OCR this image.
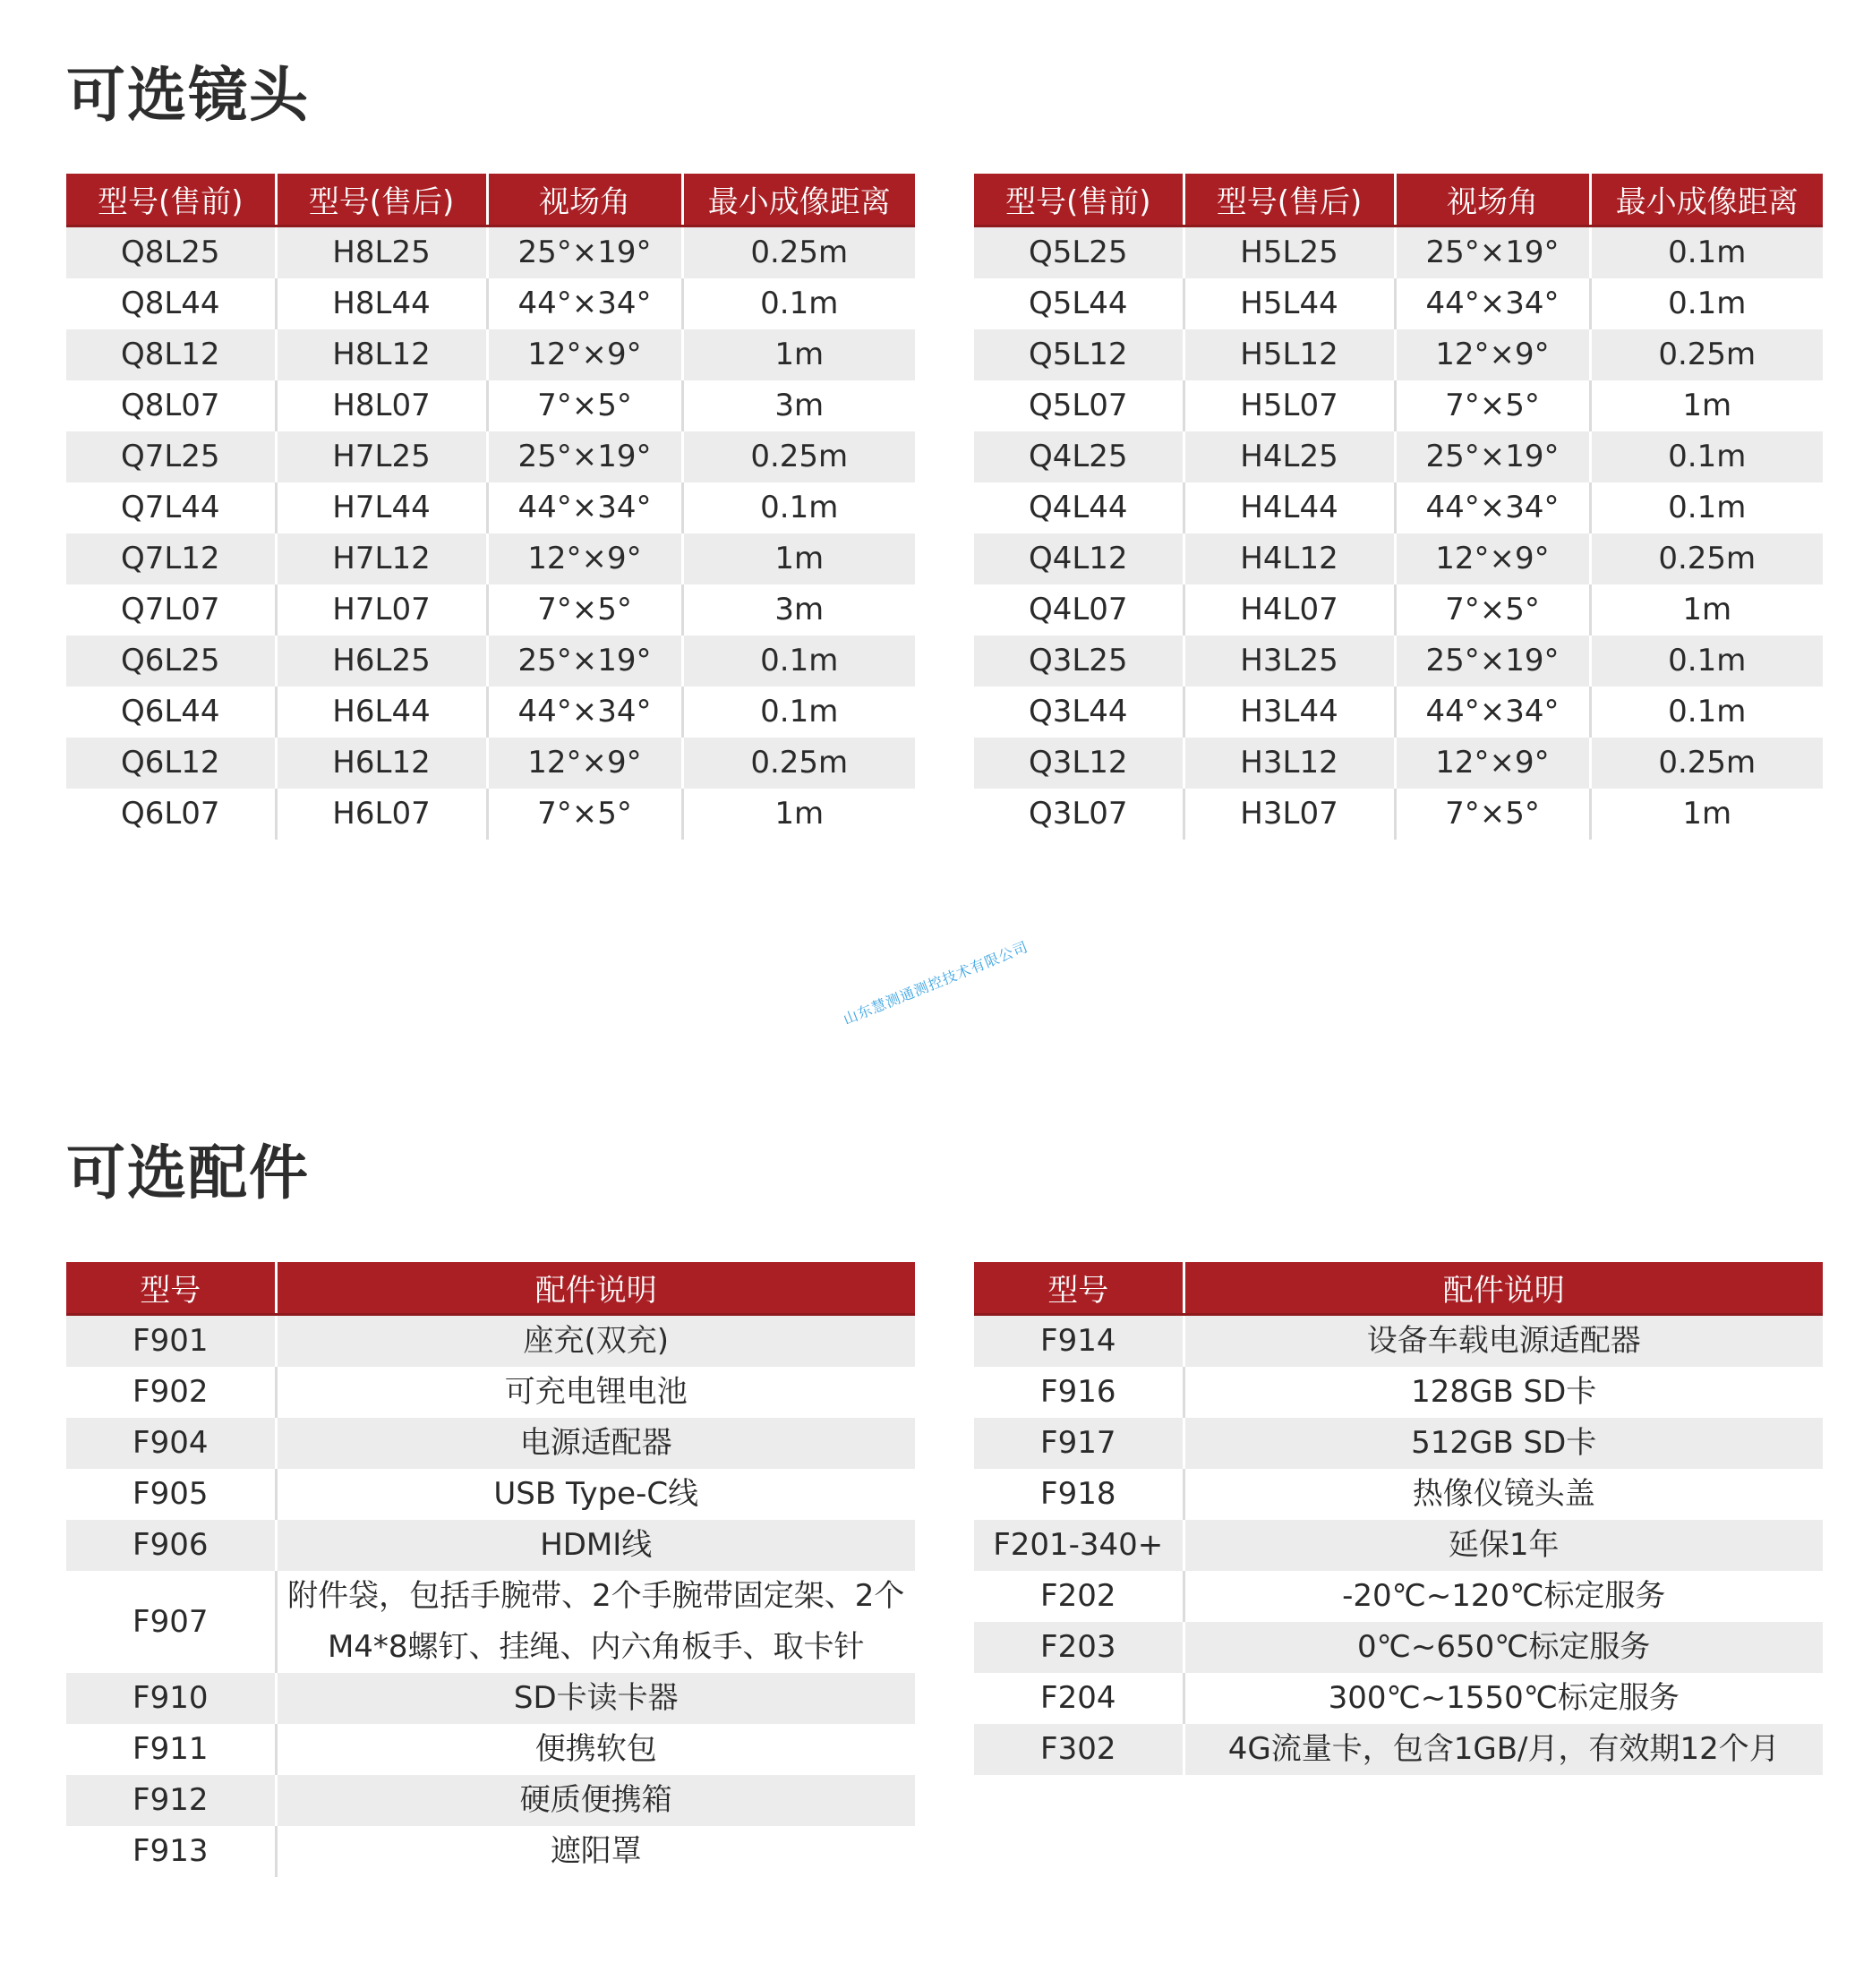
可选镜头
型号(售前)	型号(售后)	视场角	最小成像距离
Q8L25	H8L25	25°×19°	0.25m
Q8L44	H8L44	44°×34°	0.1m
Q8L12	H8L12	12°×9°	1m
Q8L07	H8L07	7°×5°	3m
Q7L25	H7L25	25°×19°	0.25m
Q7L44	H7L44	44°×34°	0.1m
Q7L12	H7L12	12°×9°	1m
Q7L07	H7L07	7°×5°	3m
Q6L25	H6L25	25°×19°	0.1m
Q6L44	H6L44	44°×34°	0.1m
Q6L12	H6L12	12°×9°	0.25m
Q6L07	H6L07	7°×5°	1m
型号(售前)	型号(售后)	视场角	最小成像距离
Q5L25	H5L25	25°×19°	0.1m
Q5L44	H5L44	44°×34°	0.1m
Q5L12	H5L12	12°×9°	0.25m
Q5L07	H5L07	7°×5°	1m
Q4L25	H4L25	25°×19°	0.1m
Q4L44	H4L44	44°×34°	0.1m
Q4L12	H4L12	12°×9°	0.25m
Q4L07	H4L07	7°×5°	1m
Q3L25	H3L25	25°×19°	0.1m
Q3L44	H3L44	44°×34°	0.1m
Q3L12	H3L12	12°×9°	0.25m
Q3L07	H3L07	7°×5°	1m
山东慧测通测控技术有限公司
可选配件
型号	配件说明
F901	座充(双充)
F902	可充电锂电池
F904	电源适配器
F905	USB Type-C线
F906	HDMI线
F907	附件袋，包括手腕带、2个手腕带固定架、2个M4*8螺钉、挂绳、内六角板手、取卡针
F910	SD卡读卡器
F911	便携软包
F912	硬质便携箱
F913	遮阳罩
型号	配件说明
F914	设备车载电源适配器
F916	128GB SD卡
F917	512GB SD卡
F918	热像仪镜头盖
F201-340+	延保1年
F202	-20℃~120℃标定服务
F203	0℃~650℃标定服务
F204	300℃~1550℃标定服务
F302	4G流量卡，包含1GB/月，有效期12个月
